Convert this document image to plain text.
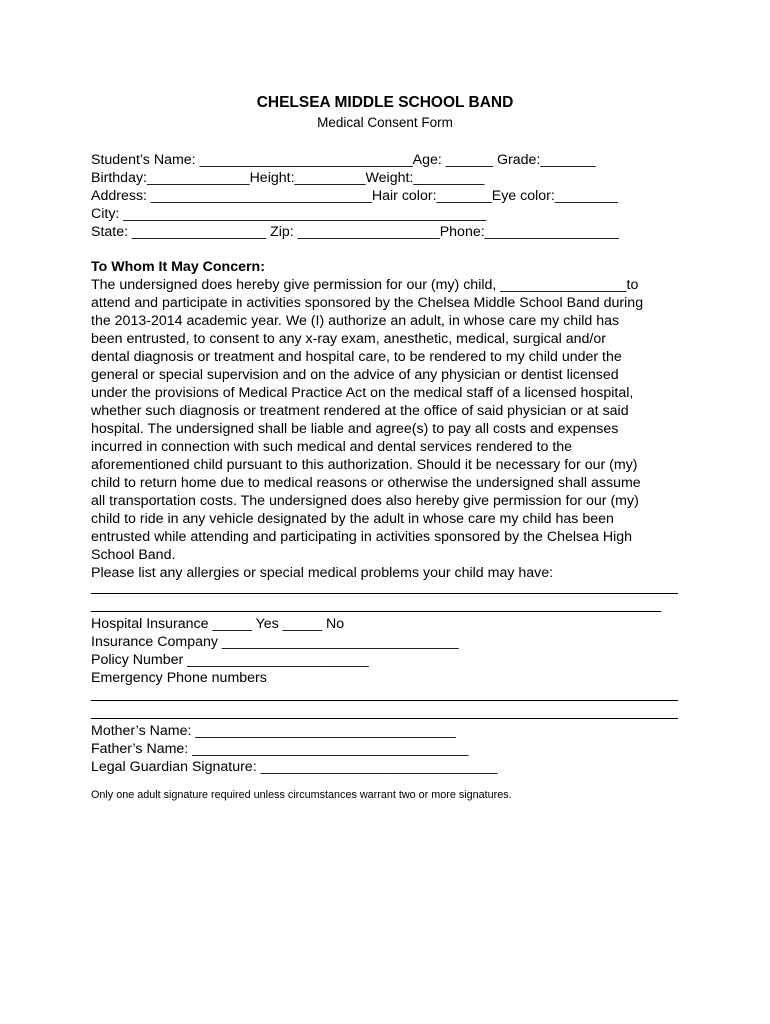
CHELSEA MIDDLE SCHOOL BAND
Medical Consent Form
Student’s Name: ___________________________Age: ______ Grade:_______
Birthday:_____________Height:_________Weight:_________
Address: ____________________________Hair color:_______Eye color:________
City: ______________________________________________
State: _________________ Zip: __________________Phone:_________________
To Whom It May Concern:
The undersigned does hereby give permission for our (my) child, ________________to
attend and participate in activities sponsored by the Chelsea Middle School Band during
the 2013-2014 academic year. We (I) authorize an adult, in whose care my child has
been entrusted, to consent to any x-ray exam, anesthetic, medical, surgical and/or
dental diagnosis or treatment and hospital care, to be rendered to my child under the
general or special supervision and on the advice of any physician or dentist licensed
under the provisions of Medical Practice Act on the medical staff of a licensed hospital,
whether such diagnosis or treatment rendered at the office of said physician or at said
hospital. The undersigned shall be liable and agree(s) to pay all costs and expenses
incurred in connection with such medical and dental services rendered to the
aforementioned child pursuant to this authorization. Should it be necessary for our (my)
child to return home due to medical reasons or otherwise the undersigned shall assume
all transportation costs. The undersigned does also hereby give permission for our (my)
child to ride in any vehicle designated by the adult in whose care my child has been
entrusted while attending and participating in activities sponsored by the Chelsea High
School Band.
Please list any allergies or special medical problems your child may have:
Hospital Insurance _____ Yes _____ No
Insurance Company ______________________________
Policy Number _______________________
Emergency Phone numbers
Mother’s Name: _________________________________
Father’s Name: ___________________________________
Legal Guardian Signature: ______________________________
Only one adult signature required unless circumstances warrant two or more signatures.
